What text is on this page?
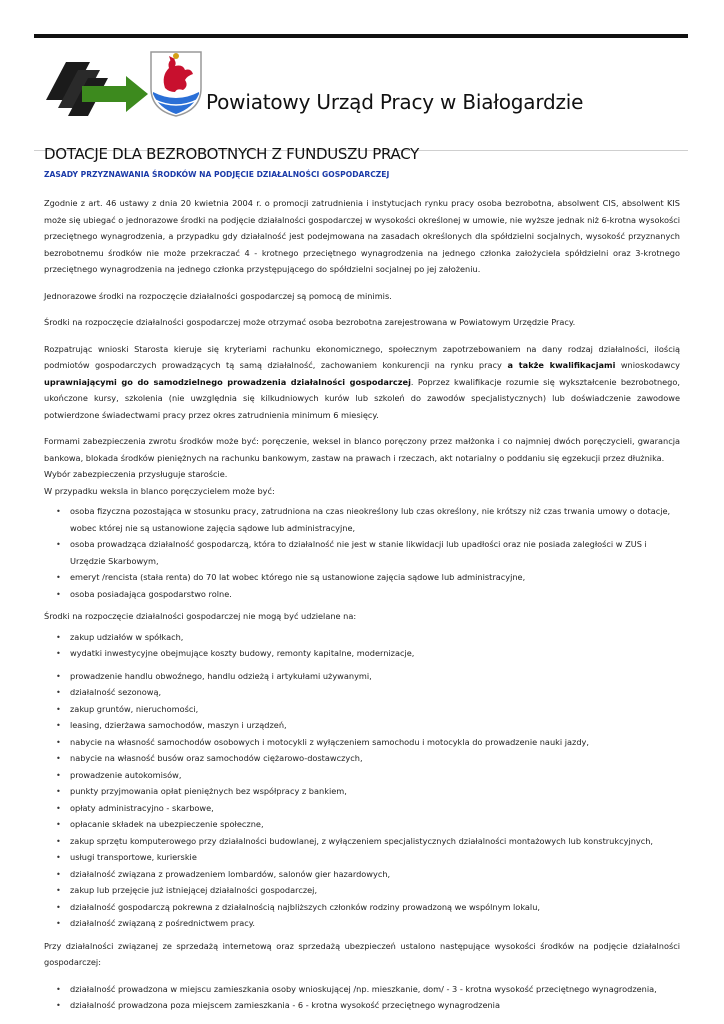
Powiatowy Urząd Pracy w Białogardzie
DOTACJE DLA BEZROBOTNYCH Z FUNDUSZU PRACY
ZASADY PRZYZNAWANIA ŚRODKÓW NA PODJĘCIE DZIAŁALNOŚCI GOSPODARCZEJ

Zgodnie z art. 46 ustawy z dnia 20 kwietnia 2004 r. o promocji zatrudnienia i instytucjach rynku pracy osoba bezrobotna, absolwent CIS, absolwent KIS może się ubiegać o jednorazowe środki na podjęcie działalności gospodarczej w wysokości określonej w umowie, nie wyższe jednak niż 6-krotna wysokości przeciętnego wynagrodzenia, a przypadku gdy działalność jest podejmowana na zasadach określonych dla spółdzielni socjalnych, wysokość przyznanych bezrobotnemu środków nie może przekraczać 4 - krotnego przeciętnego wynagrodzenia na jednego członka założyciela spółdzielni oraz 3-krotnego przeciętnego wynagrodzenia na jednego członka przystępującego do spółdzielni socjalnej po jej założeniu.

Jednorazowe środki na rozpoczęcie działalności gospodarczej są pomocą de minimis.

Środki na rozpoczęcie działalności gospodarczej może otrzymać osoba bezrobotna zarejestrowana w Powiatowym Urzędzie Pracy.

Rozpatrując wnioski Starosta kieruje się kryteriami rachunku ekonomicznego, społecznym zapotrzebowaniem na dany rodzaj działalności, ilością podmiotów gospodarczych prowadzących tą samą działalność, zachowaniem konkurencji na rynku pracy a także kwalifikacjami wnioskodawcy uprawniającymi go do samodzielnego prowadzenia działalności gospodarczej. Poprzez kwalifikacje rozumie się wykształcenie bezrobotnego, ukończone kursy, szkolenia (nie uwzględnia się kilkudniowych kurów lub szkoleń do zawodów specjalistycznych) lub doświadczenie zawodowe potwierdzone świadectwami pracy przez okres zatrudnienia minimum 6 miesięcy.

Formami zabezpieczenia zwrotu środków może być: poręczenie, weksel in blanco poręczony przez małżonka i co najmniej dwóch poręczycieli, gwarancja bankowa, blokada środków pieniężnych na rachunku bankowym, zastaw na prawach i rzeczach, akt notarialny o poddaniu się egzekucji przez dłużnika.

Wybór zabezpieczenia przysługuje staroście.

W przypadku weksla in blanco poręczycielem może być:

• osoba fizyczna pozostająca w stosunku pracy, zatrudniona na czas nieokreślony lub czas określony, nie krótszy niż czas trwania umowy o dotacje, wobec której nie są ustanowione zajęcia sądowe lub administracyjne,
• osoba prowadząca działalność gospodarczą, która to działalność nie jest w stanie likwidacji lub upadłości oraz nie posiada zaległości w ZUS i Urzędzie Skarbowym,
• emeryt /rencista (stała renta) do 70 lat wobec którego nie są ustanowione zajęcia sądowe lub administracyjne,
• osoba posiadająca gospodarstwo rolne.

Środki na rozpoczęcie działalności gospodarczej nie mogą być udzielane na:

• zakup udziałów w spółkach,
• wydatki inwestycyjne obejmujące koszty budowy, remonty kapitalne, modernizacje,
• prowadzenie handlu obwoźnego, handlu odzieżą i artykułami używanymi,
• działalność sezonową,
• zakup gruntów, nieruchomości,
• leasing, dzierżawa samochodów, maszyn i urządzeń,
• nabycie na własność samochodów osobowych i motocykli z wyłączeniem samochodu i motocykla do prowadzenie nauki jazdy,
• nabycie na własność busów oraz samochodów ciężarowo-dostawczych,
• prowadzenie autokomisów,
• punkty przyjmowania opłat pieniężnych bez współpracy z bankiem,
• opłaty administracyjno - skarbowe,
• opłacanie składek na ubezpieczenie społeczne,
• zakup sprzętu komputerowego przy działalności budowlanej, z wyłączeniem specjalistycznych działalności montażowych lub konstrukcyjnych,
• usługi transportowe, kurierskie
• działalność związana z prowadzeniem lombardów, salonów gier hazardowych,
• zakup lub przejęcie już istniejącej działalności gospodarczej,
• działalność gospodarczą pokrewna z działalnością najbliższych członków rodziny prowadzoną we wspólnym lokalu,
• działalność związaną z pośrednictwem pracy.

Przy działalności związanej ze sprzedażą internetową oraz sprzedażą ubezpieczeń ustalono następujące wysokości środków na podjęcie działalności gospodarczej:

• działalność prowadzona w miejscu zamieszkania osoby wnioskującej /np. mieszkanie, dom/ - 3 - krotna wysokość przeciętnego wynagrodzenia,
• działalność prowadzona poza miejscem zamieszkania - 6 - krotna wysokość przeciętnego wynagrodzenia
